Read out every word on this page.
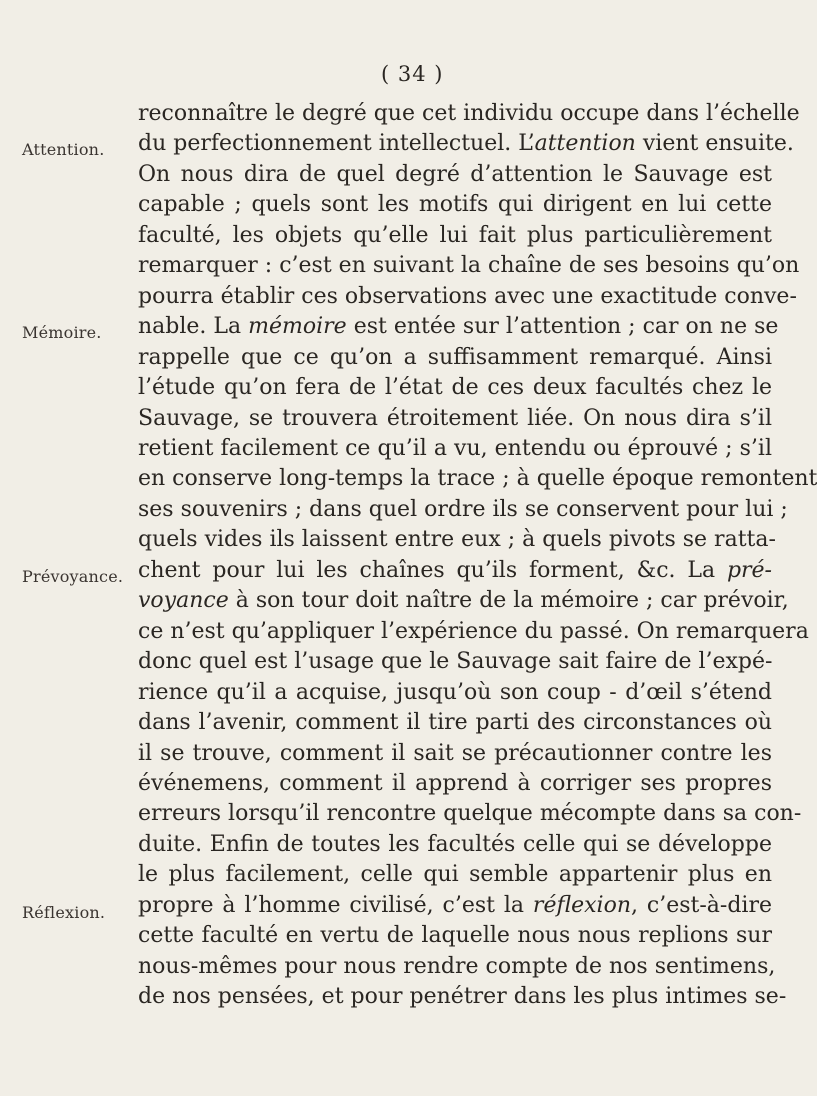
( 34 )
Attention.
Mémoire.
Prévoyance.
Réflexion.
reconnaître le degré que cet individu occupe dans l’échelle
du perfectionnement intellectuel. L’attention vient ensuite.
On nous dira de quel degré d’attention le Sauvage est
capable ; quels sont les motifs qui dirigent en lui cette
faculté, les objets qu’elle lui fait plus particulièrement
remarquer : c’est en suivant la chaîne de ses besoins qu’on
pourra établir ces observations avec une exactitude conve-
nable. La mémoire est entée sur l’attention ; car on ne se
rappelle que ce qu’on a suffisamment remarqué. Ainsi
l’étude qu’on fera de l’état de ces deux facultés chez le
Sauvage, se trouvera étroitement liée. On nous dira s’il
retient facilement ce qu’il a vu, entendu ou éprouvé ; s’il
en conserve long-temps la trace ; à quelle époque remontent
ses souvenirs ; dans quel ordre ils se conservent pour lui ;
quels vides ils laissent entre eux ; à quels pivots se ratta-
chent pour lui les chaînes qu’ils forment, &c. La pré-
voyance à son tour doit naître de la mémoire ; car prévoir,
ce n’est qu’appliquer l’expérience du passé. On remarquera
donc quel est l’usage que le Sauvage sait faire de l’expé-
rience qu’il a acquise, jusqu’où son coup - d’œil s’étend
dans l’avenir, comment il tire parti des circonstances où
il se trouve, comment il sait se précautionner contre les
événemens, comment il apprend à corriger ses propres
erreurs lorsqu’il rencontre quelque mécompte dans sa con-
duite. Enfin de toutes les facultés celle qui se développe
le plus facilement, celle qui semble appartenir plus en
propre à l’homme civilisé, c’est la réflexion, c’est-à-dire
cette faculté en vertu de laquelle nous nous replions sur
nous-mêmes pour nous rendre compte de nos sentimens,
de nos pensées, et pour penétrer dans les plus intimes se-
